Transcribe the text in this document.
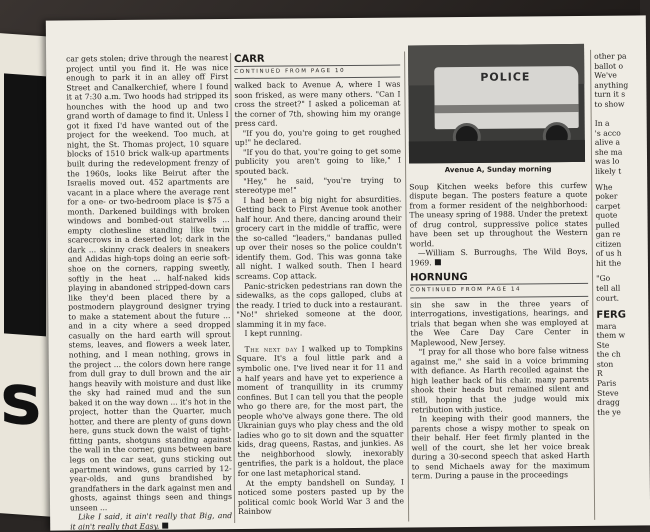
s

car gets stolen; drive through the nearest project until you find it. He was nice enough to park it in an alley off First Street and Canalkerchief, where I found it at 7:30 a.m. Two hoods had stripped its hounches with the hood up and two grand worth of damage to find it. Unless I got it fixed I'd have wanted out of the project for the weekend. Too much, at night, the St. Thomas project, 10 square blocks of 1510 brick walk-up apartments built during the redevelopment frenzy of the 1960s, looks like Beirut after the Israelis moved out. 452 apartments are vacant in a place where the average rent for a one- or two-bedroom place is $75 a month. Darkened buildings with broken windows and bombed-out stairwells ... empty clothesline standing like twin scarecrows in a deserted lot; dark in the dark ... skinny crack dealers in sneakers and Adidas high-tops doing an eerie soft-shoe on the corners, rapping sweetly, softly in the heat ... half-naked kids playing in abandoned stripped-down cars like they'd been placed there by a postmodern playground designer trying to make a statement about the future ... and in a city where a seed dropped casually on the hard earth will sprout stems, leaves, and flowers a week later, nothing, and I mean nothing, grows in the project ... the colors down here range from dull gray to dull brown and the air hangs heavily with moisture and dust like the sky had rained mud and the sun baked it on the way down ... it's hot in the project, hotter than the Quarter, much hotter, and there are plenty of guns down here, guns stuck down the waist of tight-fitting pants, shotguns standing against the wall in the corner, guns between bare legs on the car seat, guns sticking out apartment windows, guns carried by 12-year-olds, and guns brandished by grandfathers in the dark against men and ghosts, against things seen and things unseen ...

Like I said, it ain't really that Big, and it ain't really that Easy.

CARR
CONTINUED FROM PAGE 10

walked back to Avenue A, where I was soon frisked, as were many others. "Can I cross the street?" I asked a policeman at the corner of 7th, showing him my orange press card.

"If you do, you're going to get roughed up!" he declared.

"If you do that, you're going to get some publicity you aren't going to like," I spouted back.

"Hey," he said, "you're trying to stereotype me!"

I had been a big night for absurdities. Getting back to First Avenue took another half hour. And there, dancing around their grocery cart in the middle of traffic, were the so-called "leaders," bandanas pulled up over their noses so the police couldn't identify them. God. This was gonna take all night. I walked south. Then I heard screams. Cop attack.

Panic-stricken pedestrians ran down the sidewalks, as the cops galloped, clubs at the ready. I tried to duck into a restaurant. "No!" shrieked someone at the door, slamming it in my face.

I kept running.

The next day I walked up to Tompkins Square. It's a foul little park and a symbolic one. I've lived near it for 11 and a half years and have yet to experience a moment of tranquillity in its crummy confines. But I can tell you that the people who go there are, for the most part, the people who've always gone there. The old Ukrainian guys who play chess and the old ladies who go to sit down and the squatter kids, drag queens, Rastas, and junkies. As the neighborhood slowly, inexorably gentrifies, the park is a holdout, the place for one last metaphorical stand.

At the empty bandshell on Sunday, I noticed some posters pasted up by the political comic book World War 3 and the Rainbow

POLICE
Avenue A, Sunday morning

Soup Kitchen weeks before this curfew dispute began. The posters feature a quote from a former resident of the neighborhood: The uneasy spring of 1988. Under the pretext of drug control, suppressive police states have been set up throughout the Western world.

—William S. Burroughs, The Wild Boys, 1969.

HORNUNG
CONTINUED FROM PAGE 14

sin she saw in the three years of interrogations, investigations, hearings, and trials that began when she was employed at the Wee Care Day Care Center in Maplewood, New Jersey.

"I pray for all those who bore false witness against me," she said in a voice brimming with defiance. As Harth recoiled against the high leather back of his chair, many parents shook their heads but remained silent and still, hoping that the judge would mix retribution with justice.

In keeping with their good manners, the parents chose a wispy mother to speak on their behalf. Her feet firmly planted in the well of the court, she let her voice break during a 30-second speech that asked Harth to send Michaels away for the maximum term. During a pause in the proceedings

other pa
ballot o
We've
anything
turn it s
to show
In a
's acco
alive a
she ma
was lo
likely t
Whe
poker
carpet
quote
pulled
gan re
citizen
of us h
hit the
"Go
tell all
court.
FERG
mara
them w
Ste
the ch
ston
R
Paris
Steve
dragg
the ye
